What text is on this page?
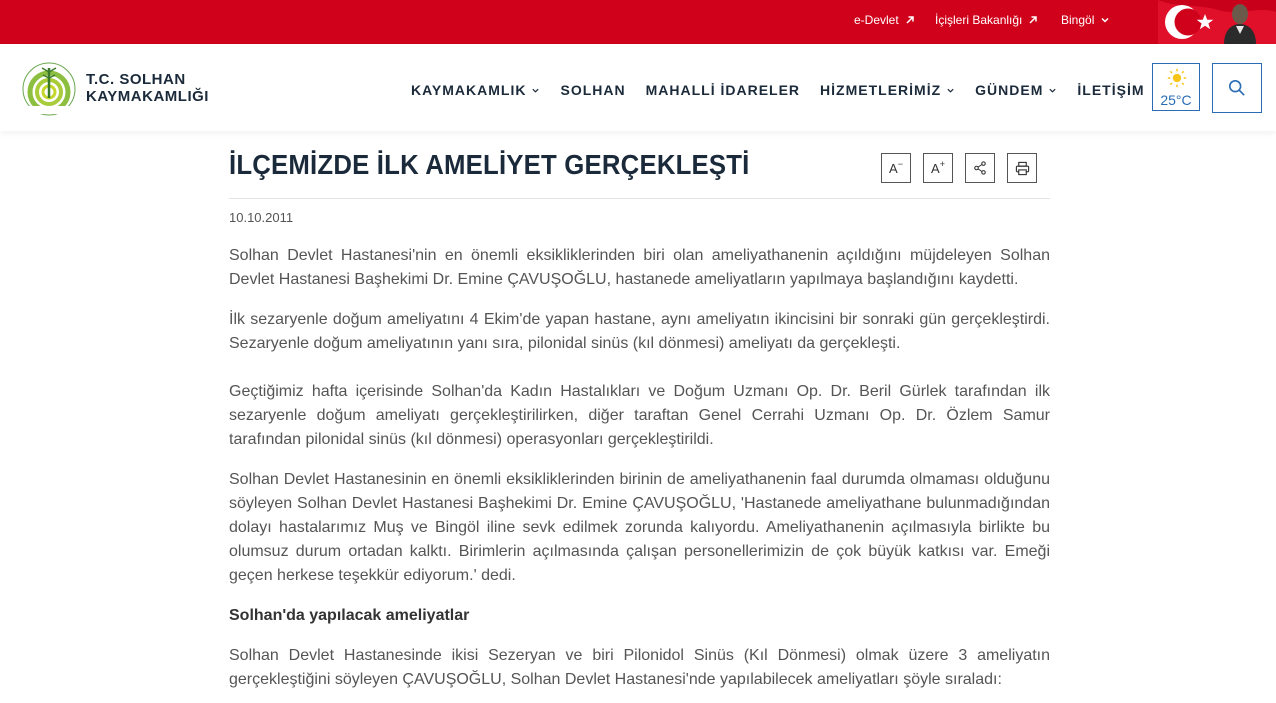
e-Devlet	İçişleri Bakanlığı	Bingöl
T.C. SOLHAN
KAYMAKAMLIĞI	KAYMAKAMLIK SOLHAN MAHALLİ İDARELER HİZMETLERİMİZ GÜNDEM İLETİŞİM
25°C
İLÇEMİZDE İLK AMELİYET GERÇEKLEŞTİ	A− A+
10.10.2011

Solhan Devlet Hastanesi'nin en önemli eksikliklerinden biri olan ameliyathanenin açıldığını müjdeleyen Solhan Devlet Hastanesi Başhekimi Dr. Emine ÇAVUŞOĞLU, hastanede ameliyatların yapılmaya başlandığını kaydetti.

İlk sezaryenle doğum ameliyatını 4 Ekim'de yapan hastane, aynı ameliyatın ikincisini bir sonraki gün gerçekleştirdi. Sezaryenle doğum ameliyatının yanı sıra, pilonidal sinüs (kıl dönmesi) ameliyatı da gerçekleşti.

Geçtiğimiz hafta içerisinde Solhan'da Kadın Hastalıkları ve Doğum Uzmanı Op. Dr. Beril Gürlek tarafından ilk sezaryenle doğum ameliyatı gerçekleştirilirken, diğer taraftan Genel Cerrahi Uzmanı Op. Dr. Özlem Samur tarafından pilonidal sinüs (kıl dönmesi) operasyonları gerçekleştirildi.

Solhan Devlet Hastanesinin en önemli eksikliklerinden birinin de ameliyathanenin faal durumda olmaması olduğunu söyleyen Solhan Devlet Hastanesi Başhekimi Dr. Emine ÇAVUŞOĞLU, 'Hastanede ameliyathane bulunmadığından dolayı hastalarımız Muş ve Bingöl iline sevk edilmek zorunda kalıyordu. Ameliyathanenin açılmasıyla birlikte bu olumsuz durum ortadan kalktı. Birimlerin açılmasında çalışan personellerimizin de çok büyük katkısı var. Emeği geçen herkese teşekkür ediyorum.' dedi.

Solhan'da yapılacak ameliyatlar

Solhan Devlet Hastanesinde ikisi Sezeryan ve biri Pilonidol Sinüs (Kıl Dönmesi) olmak üzere 3 ameliyatın gerçekleştiğini söyleyen ÇAVUŞOĞLU, Solhan Devlet Hastanesi'nde yapılabilecek ameliyatları şöyle sıraladı:
